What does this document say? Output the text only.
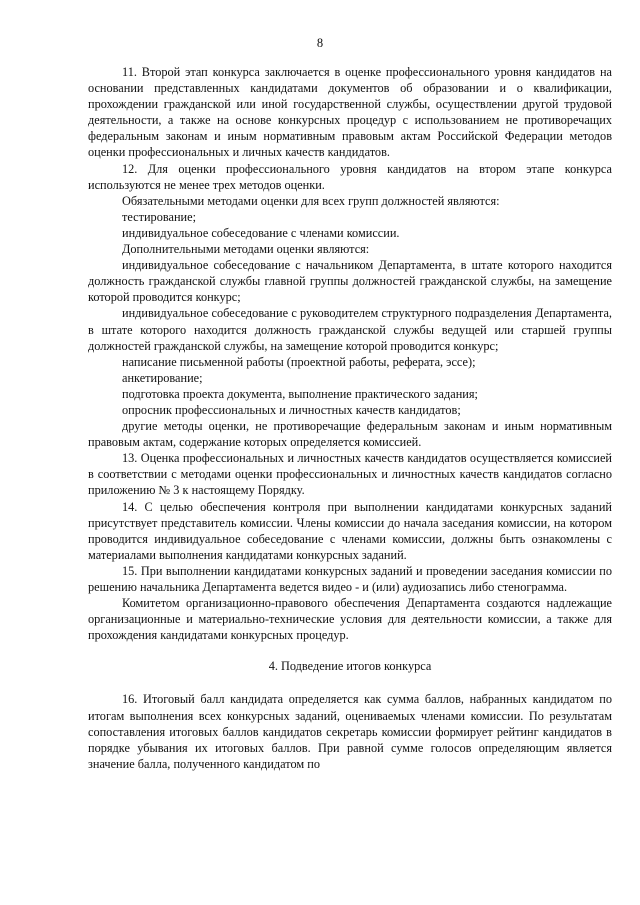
8

11. Второй этап конкурса заключается в оценке профессионального уровня кандидатов на основании представленных кандидатами документов об образовании и о квалификации, прохождении гражданской или иной государственной службы, осуществлении другой трудовой деятельности, а также на основе конкурсных процедур с использованием не противоречащих федеральным законам и иным нормативным правовым актам Российской Федерации методов оценки профессиональных и личных качеств кандидатов.

12. Для оценки профессионального уровня кандидатов на втором этапе конкурса используются не менее трех методов оценки.

Обязательными методами оценки для всех групп должностей являются:

тестирование;

индивидуальное собеседование с членами комиссии.

Дополнительными методами оценки являются:

индивидуальное собеседование с начальником Департамента, в штате которого находится должность гражданской службы главной группы должностей гражданской службы, на замещение которой проводится конкурс;

индивидуальное собеседование с руководителем структурного подразделения Департамента, в штате которого находится должность гражданской службы ведущей или старшей группы должностей гражданской службы, на замещение которой проводится конкурс;

написание письменной работы (проектной работы, реферата, эссе);

анкетирование;

подготовка проекта документа, выполнение практического задания;

опросник профессиональных и личностных качеств кандидатов;

другие методы оценки, не противоречащие федеральным законам и иным нормативным правовым актам, содержание которых определяется комиссией.

13. Оценка профессиональных и личностных качеств кандидатов осуществляется комиссией в соответствии с методами оценки профессиональных и личностных качеств кандидатов согласно приложению № 3 к настоящему Порядку.

14. С целью обеспечения контроля при выполнении кандидатами конкурсных заданий присутствует представитель комиссии. Члены комиссии до начала заседания комиссии, на котором проводится индивидуальное собеседование с членами комиссии, должны быть ознакомлены с материалами выполнения кандидатами конкурсных заданий.

15. При выполнении кандидатами конкурсных заданий и проведении заседания комиссии по решению начальника Департамента ведется видео - и (или) аудиозапись либо стенограмма.

Комитетом организационно-правового обеспечения Департамента создаются надлежащие организационные и материально-технические условия для деятельности комиссии, а также для прохождения кандидатами конкурсных процедур.

4. Подведение итогов конкурса

16. Итоговый балл кандидата определяется как сумма баллов, набранных кандидатом по итогам выполнения всех конкурсных заданий, оцениваемых членами комиссии. По результатам сопоставления итоговых баллов кандидатов секретарь комиссии формирует рейтинг кандидатов в порядке убывания их итоговых баллов. При равной сумме голосов определяющим является значение балла, полученного кандидатом по
